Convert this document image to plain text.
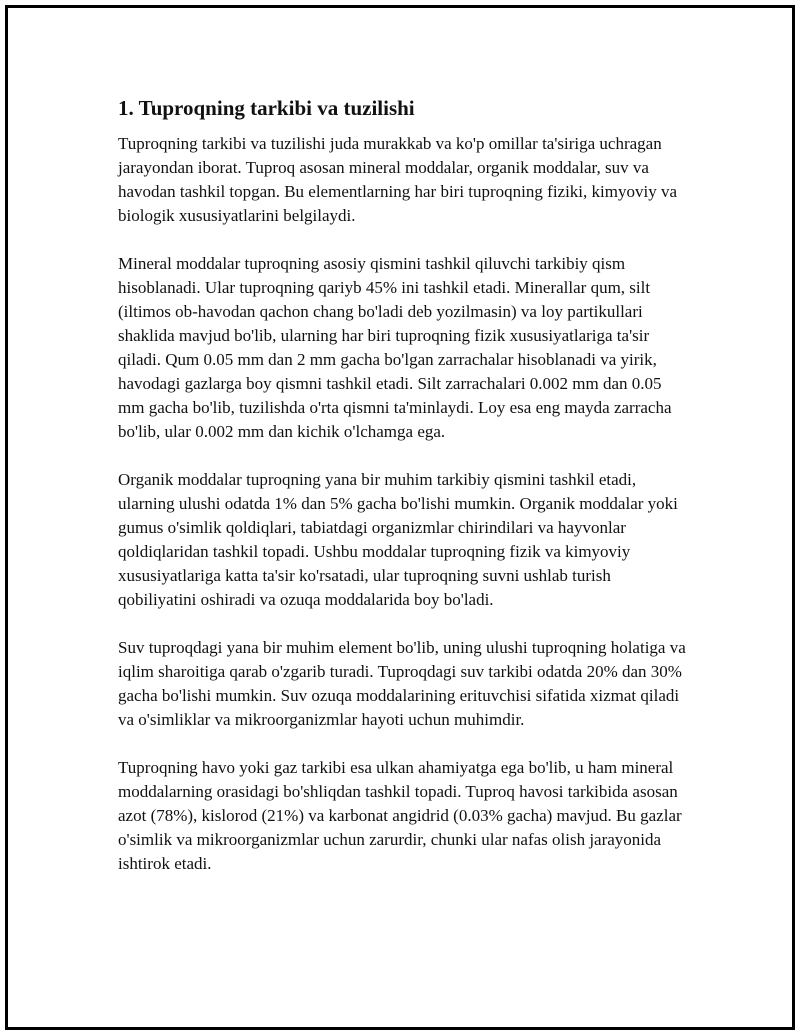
1. Tuproqning tarkibi va tuzilishi

Tuproqning tarkibi va tuzilishi juda murakkab va ko'p omillar ta'siriga uchragan jarayondan iborat. Tuproq asosan mineral moddalar, organik moddalar, suv va havodan tashkil topgan. Bu elementlarning har biri tuproqning fiziki, kimyoviy va biologik xususiyatlarini belgilaydi.

Mineral moddalar tuproqning asosiy qismini tashkil qiluvchi tarkibiy qism hisoblanadi. Ular tuproqning qariyb 45% ini tashkil etadi. Minerallar qum, silt (iltimos ob-havodan qachon chang bo'ladi deb yozilmasin) va loy partikullari shaklida mavjud bo'lib, ularning har biri tuproqning fizik xususiyatlariga ta'sir qiladi. Qum 0.05 mm dan 2 mm gacha bo'lgan zarrachalar hisoblanadi va yirik, havodagi gazlarga boy qismni tashkil etadi. Silt zarrachalari 0.002 mm dan 0.05 mm gacha bo'lib, tuzilishda o'rta qismni ta'minlaydi. Loy esa eng mayda zarracha bo'lib, ular 0.002 mm dan kichik o'lchamga ega.

Organik moddalar tuproqning yana bir muhim tarkibiy qismini tashkil etadi, ularning ulushi odatda 1% dan 5% gacha bo'lishi mumkin. Organik moddalar yoki gumus o'simlik qoldiqlari, tabiatdagi organizmlar chirindilari va hayvonlar qoldiqlaridan tashkil topadi. Ushbu moddalar tuproqning fizik va kimyoviy xususiyatlariga katta ta'sir ko'rsatadi, ular tuproqning suvni ushlab turish qobiliyatini oshiradi va ozuqa moddalarida boy bo'ladi.

Suv tuproqdagi yana bir muhim element bo'lib, uning ulushi tuproqning holatiga va iqlim sharoitiga qarab o'zgarib turadi. Tuproqdagi suv tarkibi odatda 20% dan 30% gacha bo'lishi mumkin. Suv ozuqa moddalarining erituvchisi sifatida xizmat qiladi va o'simliklar va mikroorganizmlar hayoti uchun muhimdir.

Tuproqning havo yoki gaz tarkibi esa ulkan ahamiyatga ega bo'lib, u ham mineral moddalarning orasidagi bo'shliqdan tashkil topadi. Tuproq havosi tarkibida asosan azot (78%), kislorod (21%) va karbonat angidrid (0.03% gacha) mavjud. Bu gazlar o'simlik va mikroorganizmlar uchun zarurdir, chunki ular nafas olish jarayonida ishtirok etadi.
